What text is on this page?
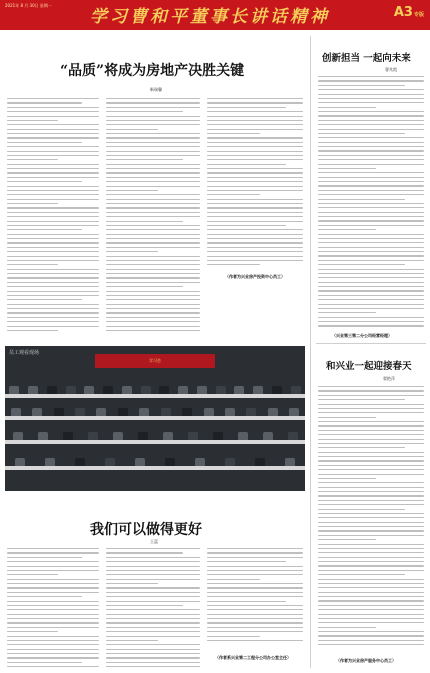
2021年 8 月 30日 星期一
学习曹和平董事长讲话精神	A3专版
“品质”将成为房地产决胜关键
靳瑞馨
（作者为兴业房产投资中心员工）
员工观看现场
学习会
我们可以做得更好
王蓝
（作者系兴业第二工程分公司办公室主任）
创新担当 一起向未来
曹兆霞
（兴业第三第二分公司经营经理）
和兴业一起迎接春天
翟艳萍
（作者为兴业房产服务中心员工）
